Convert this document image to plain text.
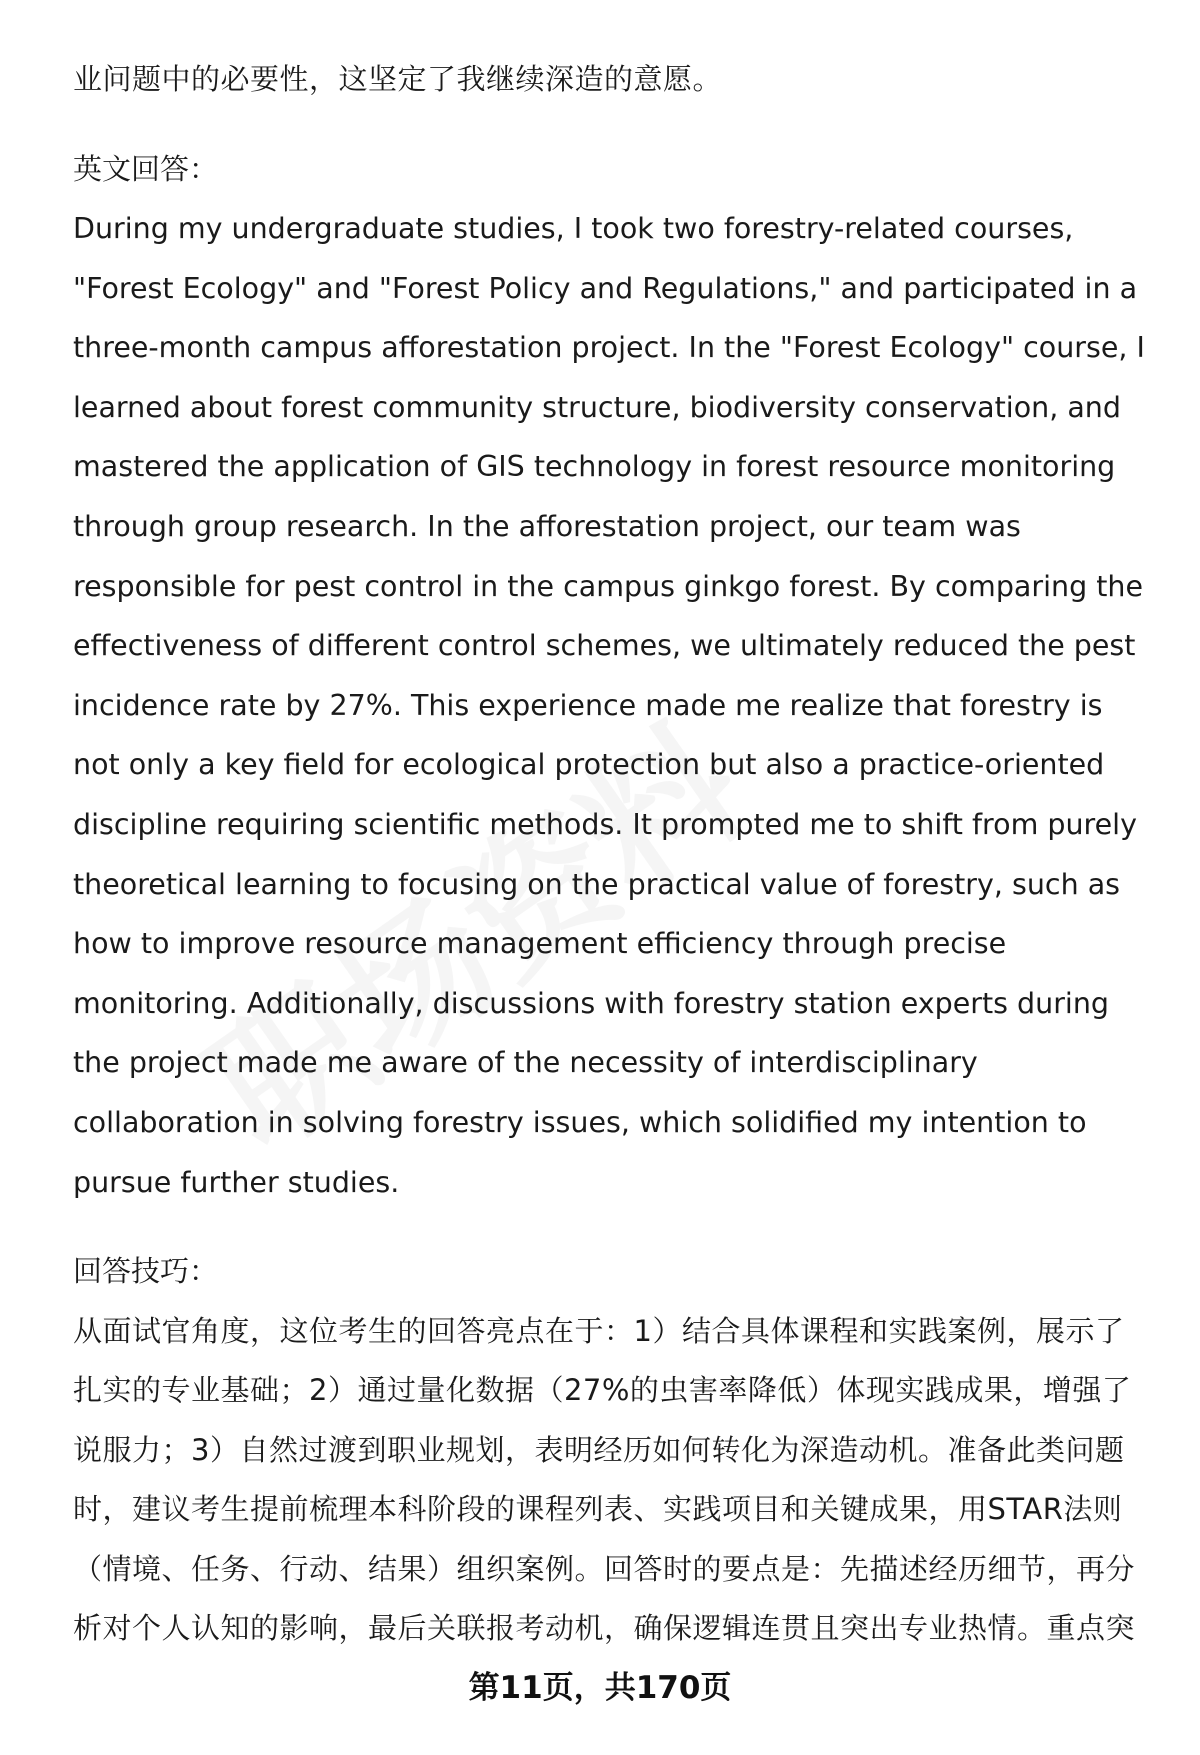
业问题中的必要性，这坚定了我继续深造的意愿。

英文回答：

During my undergraduate studies, I took two forestry-related courses, "Forest Ecology" and "Forest Policy and Regulations," and participated in a three-month campus afforestation project. In the "Forest Ecology" course, I learned about forest community structure, biodiversity conservation, and mastered the application of GIS technology in forest resource monitoring through group research. In the afforestation project, our team was responsible for pest control in the campus ginkgo forest. By comparing the effectiveness of different control schemes, we ultimately reduced the pest incidence rate by 27%. This experience made me realize that forestry is not only a key field for ecological protection but also a practice-oriented discipline requiring scientific methods. It prompted me to shift from purely theoretical learning to focusing on the practical value of forestry, such as how to improve resource management efficiency through precise monitoring. Additionally, discussions with forestry station experts during the project made me aware of the necessity of interdisciplinary collaboration in solving forestry issues, which solidified my intention to pursue further studies.

回答技巧：

从面试官角度，这位考生的回答亮点在于：1）结合具体课程和实践案例，展示了扎实的专业基础；2）通过量化数据（27%的虫害率降低）体现实践成果，增强了说服力；3）自然过渡到职业规划，表明经历如何转化为深造动机。准备此类问题时，建议考生提前梳理本科阶段的课程列表、实践项目和关键成果，用STAR法则（情境、任务、行动、结果）组织案例。回答时的要点是：先描述经历细节，再分析对个人认知的影响，最后关联报考动机，确保逻辑连贯且突出专业热情。重点突

第11页，共170页
